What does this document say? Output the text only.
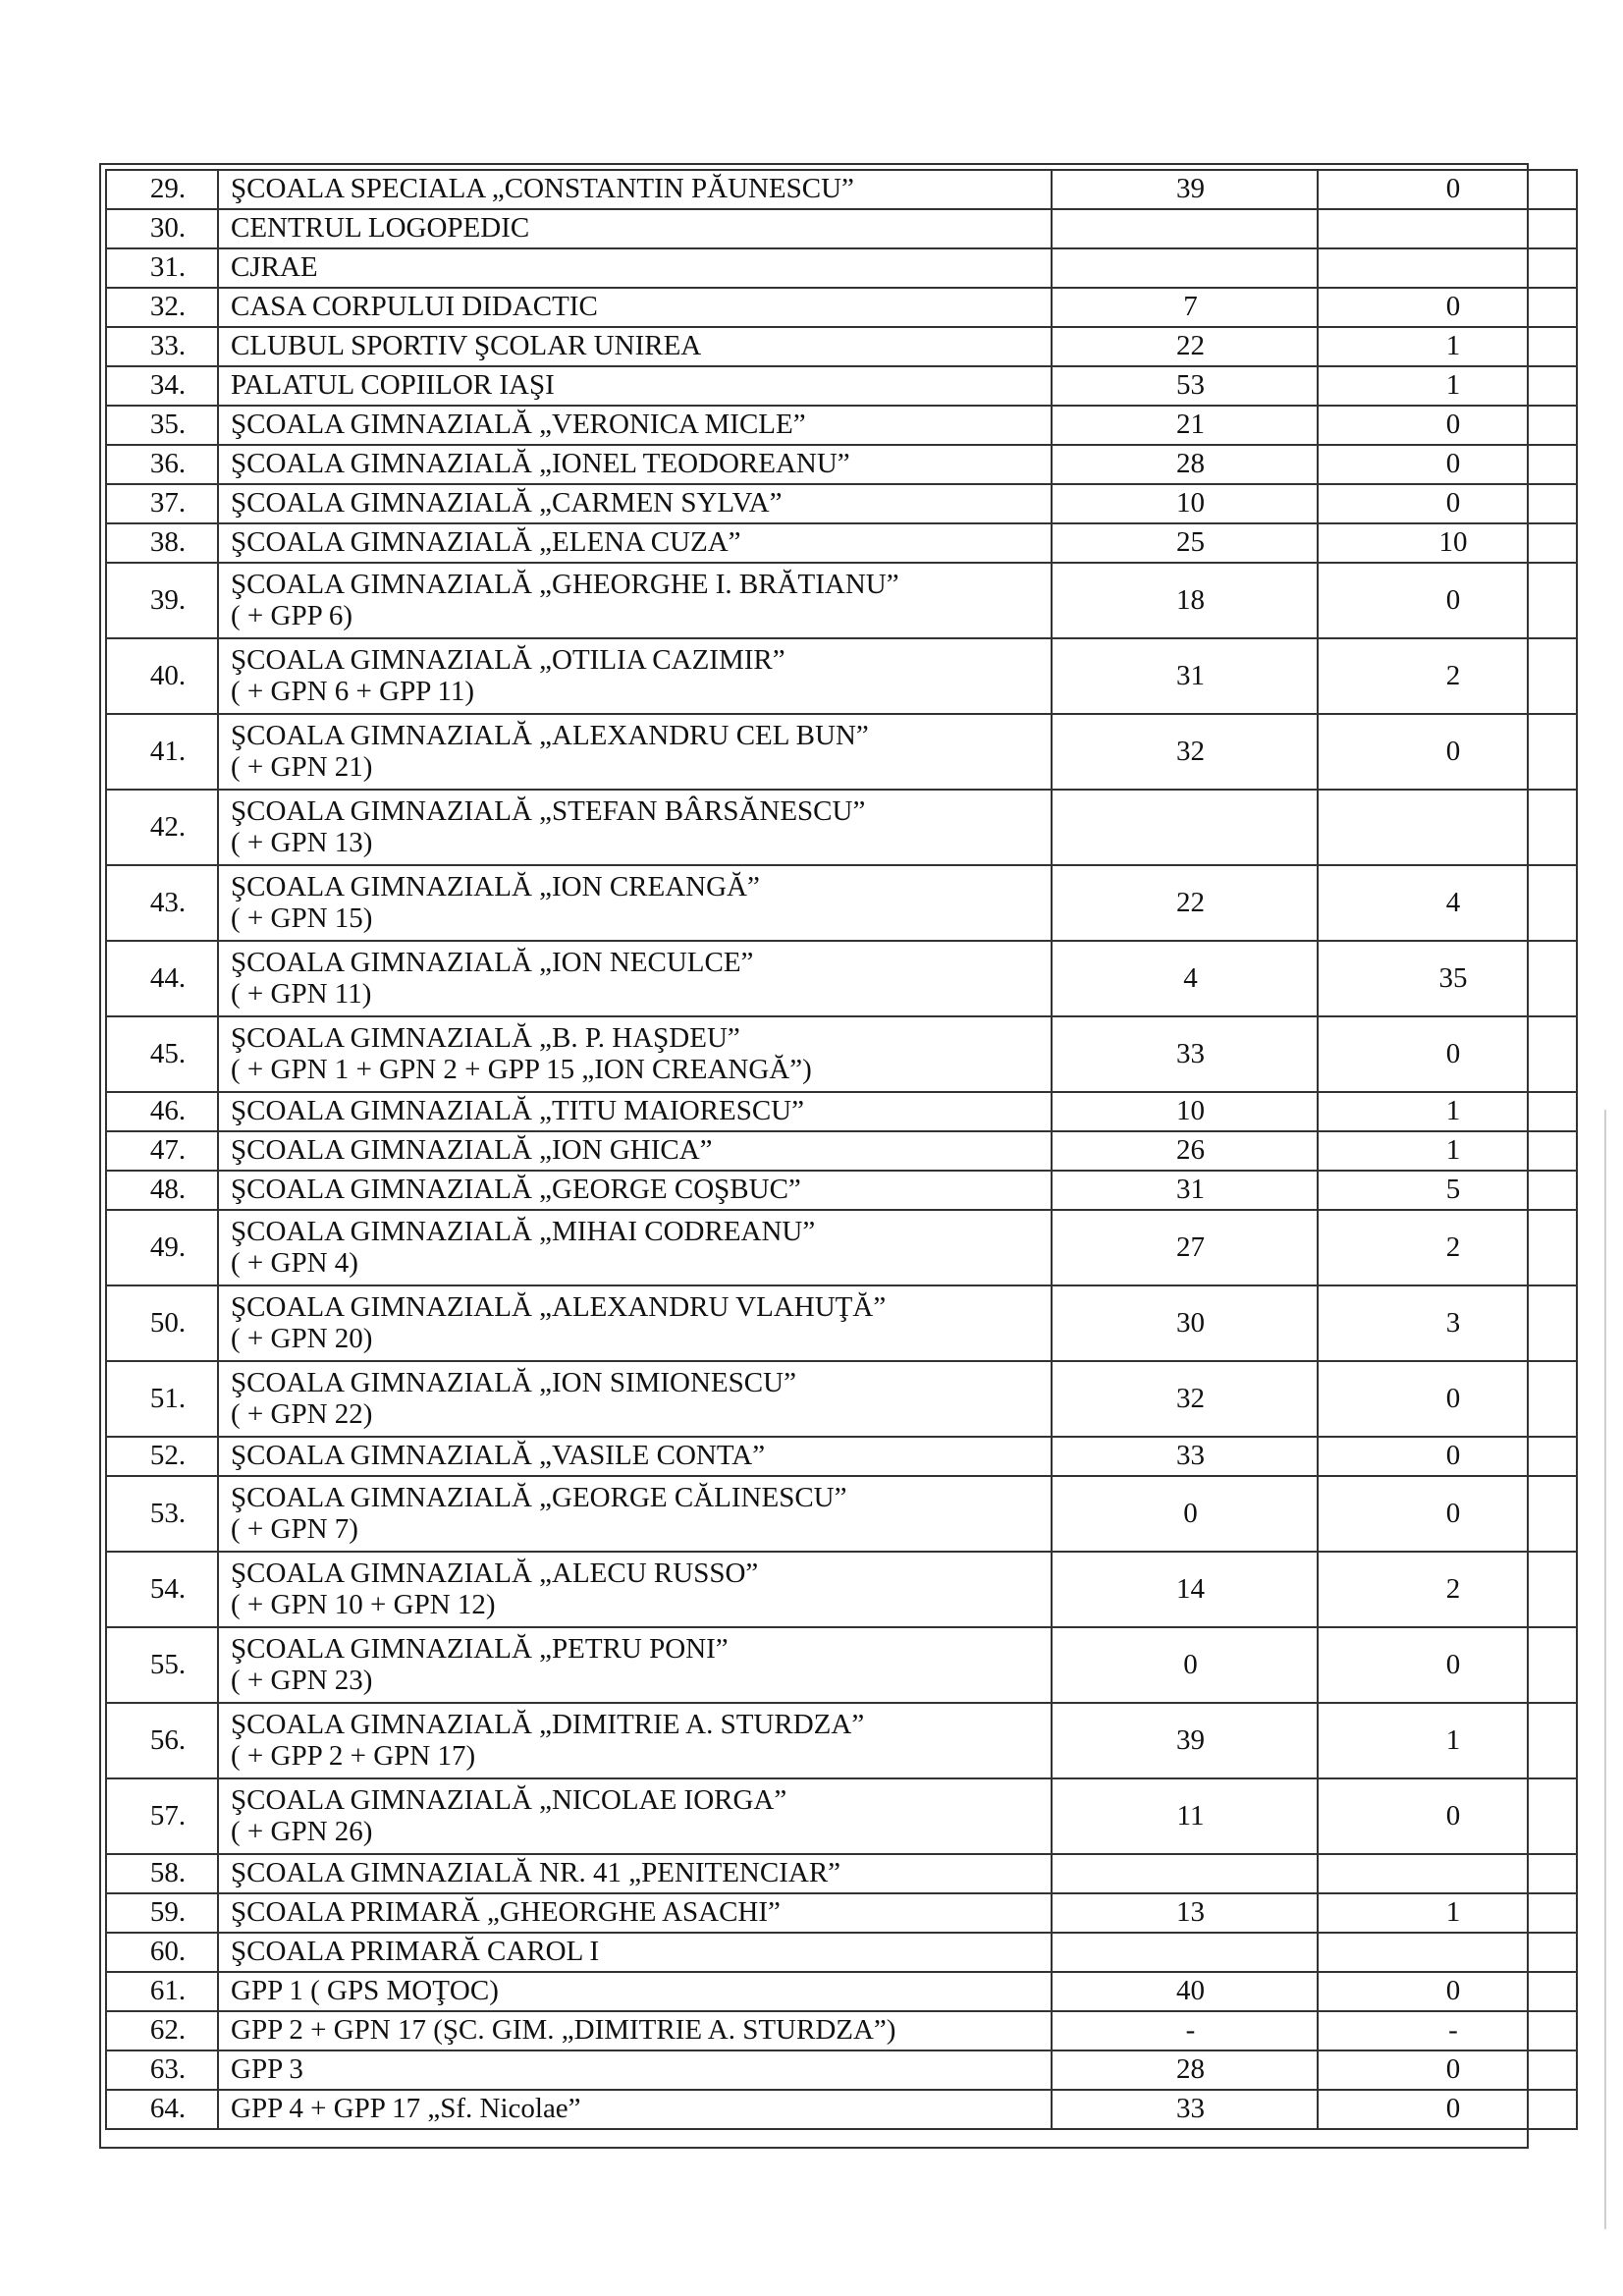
29.	ŞCOALA SPECIALA „CONSTANTIN PĂUNESCU”	39	0
30.	CENTRUL LOGOPEDIC		

31.	CJRAE		

32.	CASA CORPULUI DIDACTIC	7	0
33.	CLUBUL SPORTIV ŞCOLAR UNIREA	22	1
34.	PALATUL COPIILOR IAŞI	53	1
35.	ŞCOALA GIMNAZIALĂ „VERONICA MICLE”	21	0
36.	ŞCOALA GIMNAZIALĂ „IONEL TEODOREANU”	28	0
37.	ŞCOALA GIMNAZIALĂ „CARMEN SYLVA”	10	0
38.	ŞCOALA GIMNAZIALĂ „ELENA CUZA”	25	10
39.	ŞCOALA GIMNAZIALĂ „GHEORGHE I. BRĂTIANU”
( + GPP 6)	18	0
40.	ŞCOALA GIMNAZIALĂ „OTILIA CAZIMIR”
( + GPN 6 + GPP 11)	31	2
41.	ŞCOALA GIMNAZIALĂ „ALEXANDRU CEL BUN”
( + GPN 21)	32	0
42.	ŞCOALA GIMNAZIALĂ „STEFAN BÂRSĂNESCU”
( + GPN 13)		

43.	ŞCOALA GIMNAZIALĂ „ION CREANGĂ”
( + GPN 15)	22	4
44.	ŞCOALA GIMNAZIALĂ „ION NECULCE”
( + GPN 11)	4	35
45.	ŞCOALA GIMNAZIALĂ „B. P. HAŞDEU”
( + GPN 1 + GPN 2 + GPP 15 „ION CREANGĂ”)	33	0
46.	ŞCOALA GIMNAZIALĂ „TITU MAIORESCU”	10	1
47.	ŞCOALA GIMNAZIALĂ „ION GHICA”	26	1
48.	ŞCOALA GIMNAZIALĂ „GEORGE COŞBUC”	31	5
49.	ŞCOALA GIMNAZIALĂ „MIHAI CODREANU”
( + GPN 4)	27	2
50.	ŞCOALA GIMNAZIALĂ „ALEXANDRU VLAHUŢĂ”
( + GPN 20)	30	3
51.	ŞCOALA GIMNAZIALĂ „ION SIMIONESCU”
( + GPN 22)	32	0
52.	ŞCOALA GIMNAZIALĂ „VASILE CONTA”	33	0
53.	ŞCOALA GIMNAZIALĂ „GEORGE CĂLINESCU”
( + GPN 7)	0	0
54.	ŞCOALA GIMNAZIALĂ „ALECU RUSSO”
( + GPN 10 + GPN 12)	14	2
55.	ŞCOALA GIMNAZIALĂ „PETRU PONI”
( + GPN 23)	0	0
56.	ŞCOALA GIMNAZIALĂ „DIMITRIE A. STURDZA”
( + GPP 2 + GPN 17)	39	1
57.	ŞCOALA GIMNAZIALĂ „NICOLAE IORGA”
( + GPN 26)	11	0
58.	ŞCOALA GIMNAZIALĂ NR. 41 „PENITENCIAR”		

59.	ŞCOALA PRIMARĂ „GHEORGHE ASACHI”	13	1
60.	ŞCOALA PRIMARĂ CAROL I		

61.	GPP 1 ( GPS MOŢOC)	40	0
62.	GPP 2 + GPN 17 (ŞC. GIM. „DIMITRIE A. STURDZA”)	-	-
63.	GPP 3	28	0
64.	GPP 4 + GPP 17 „Sf. Nicolae”	33	0
